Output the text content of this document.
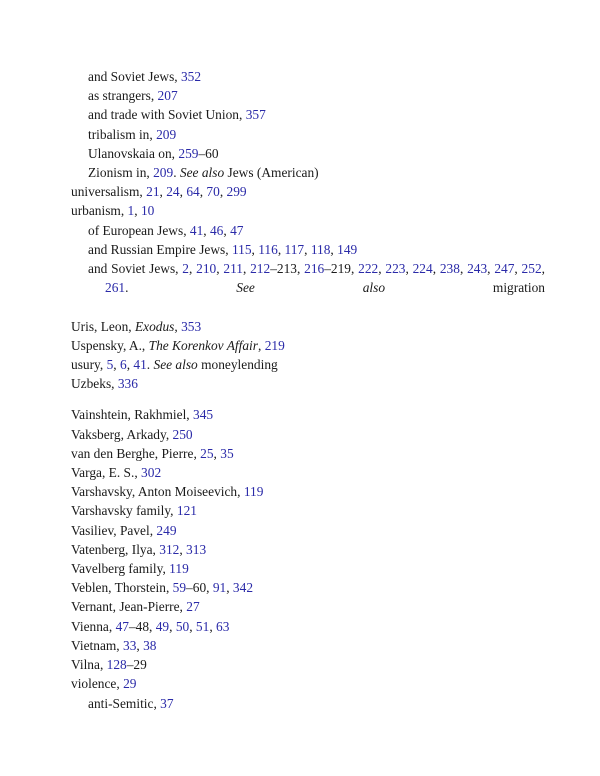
and Soviet Jews, 352
as strangers, 207
and trade with Soviet Union, 357
tribalism in, 209
Ulanovskaia on, 259–60
Zionism in, 209. See also Jews (American)
universalism, 21, 24, 64, 70, 299
urbanism, 1, 10
of European Jews, 41, 46, 47
and Russian Empire Jews, 115, 116, 117, 118, 149
and Soviet Jews, 2, 210, 211, 212–213, 216–219, 222, 223, 224, 238, 243, 247, 252, 261. See also migration
Uris, Leon, Exodus, 353
Uspensky, A., The Korenkov Affair, 219
usury, 5, 6, 41. See also moneylending
Uzbeks, 336
Vainshtein, Rakhmiel, 345
Vaksberg, Arkady, 250
van den Berghe, Pierre, 25, 35
Varga, E. S., 302
Varshavsky, Anton Moiseevich, 119
Varshavsky family, 121
Vasiliev, Pavel, 249
Vatenberg, Ilya, 312, 313
Vavelberg family, 119
Veblen, Thorstein, 59–60, 91, 342
Vernant, Jean-Pierre, 27
Vienna, 47–48, 49, 50, 51, 63
Vietnam, 33, 38
Vilna, 128–29
violence, 29
anti-Semitic, 37
